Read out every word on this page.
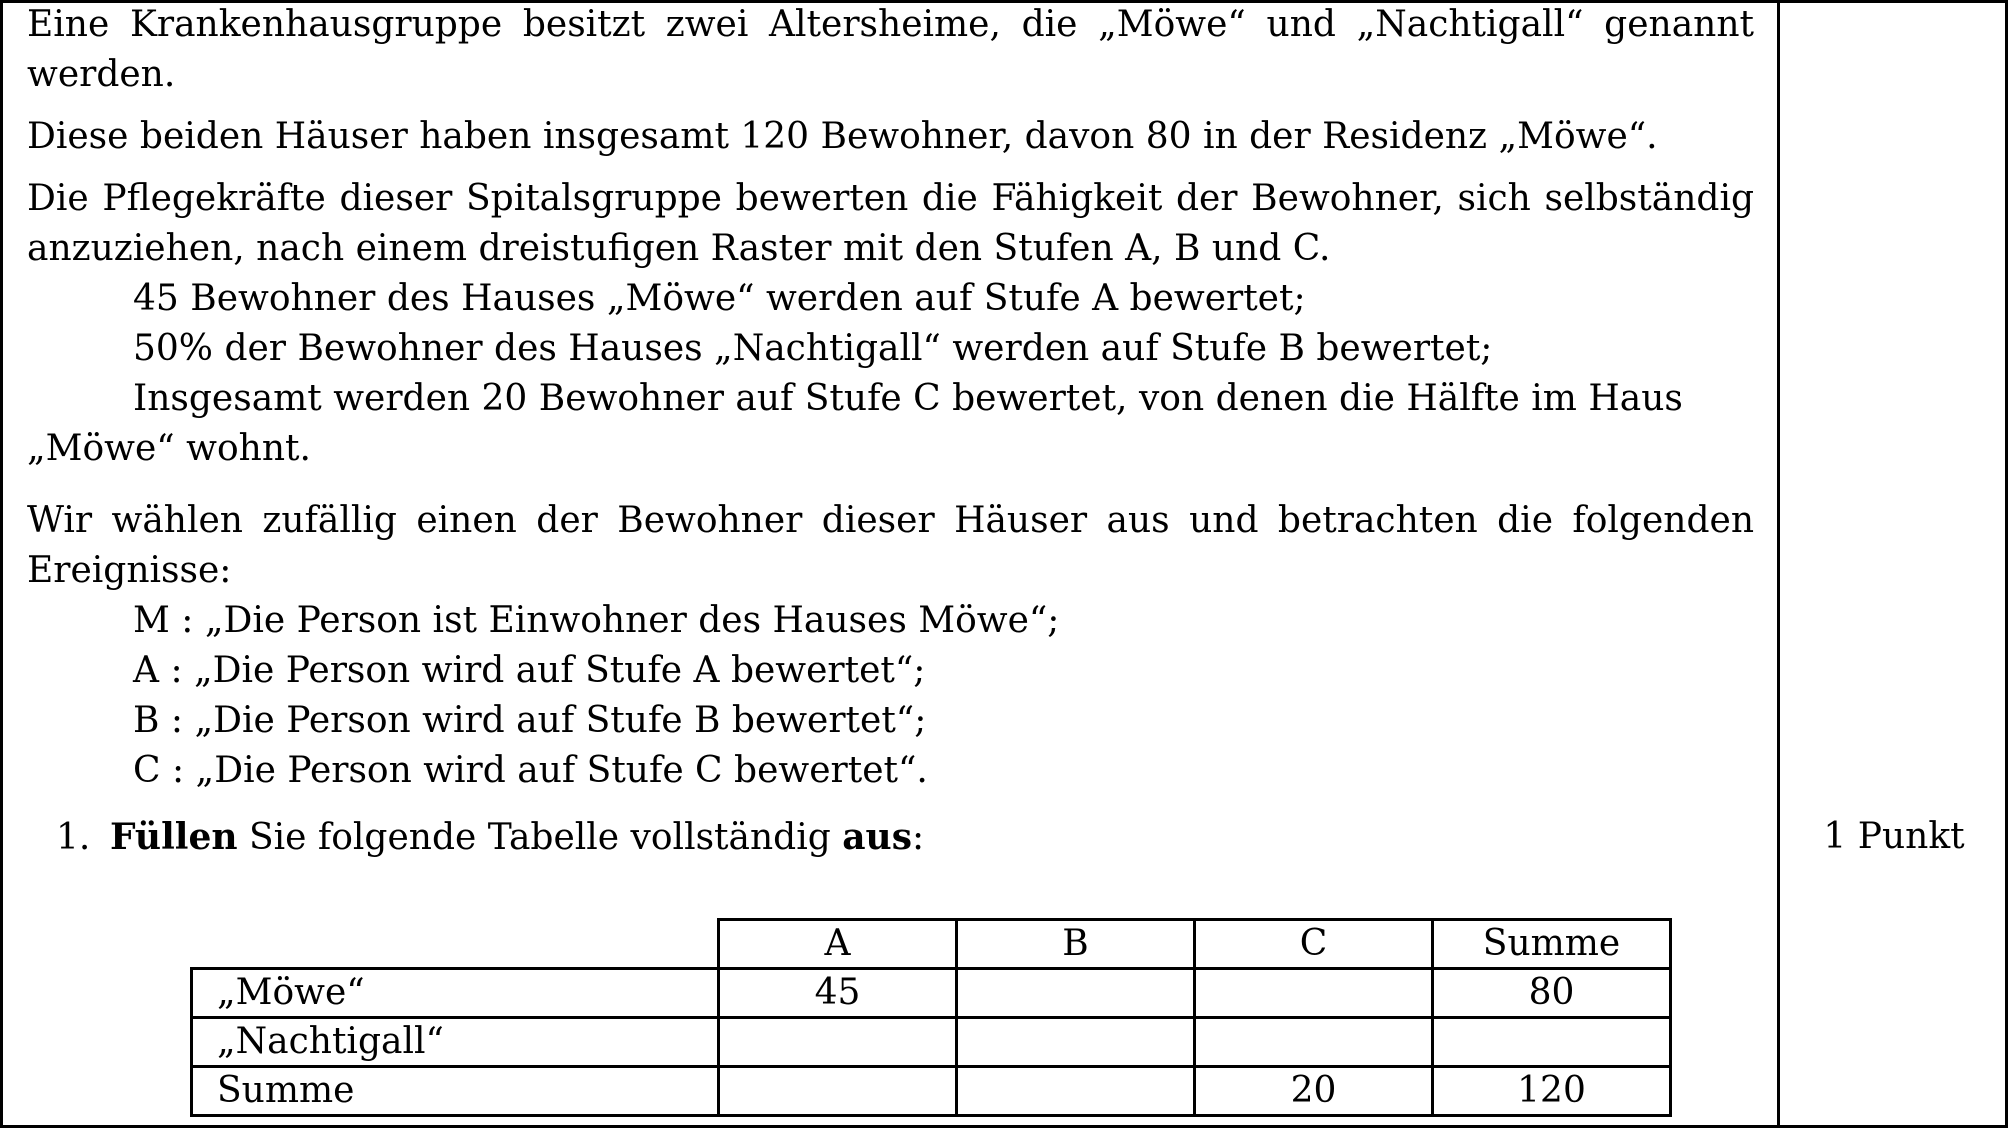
Eine Krankenhausgruppe besitzt zwei Altersheime, die „Möwe“ und „Nachtigall“ genannt werden.

Diese beiden Häuser haben insgesamt 120 Bewohner, davon 80 in der Residenz „Möwe“.

Die Pflegekräfte dieser Spitalsgruppe bewerten die Fähigkeit der Bewohner, sich selbständig anzuziehen, nach einem dreistufigen Raster mit den Stufen A, B und C.

45 Bewohner des Hauses „Möwe“ werden auf Stufe A bewertet;

50% der Bewohner des Hauses „Nachtigall“ werden auf Stufe B bewertet;

Insgesamt werden 20 Bewohner auf Stufe C bewertet, von denen die Hälfte im Haus „Möwe“ wohnt.

Wir wählen zufällig einen der Bewohner dieser Häuser aus und betrachten die folgenden Ereignisse:

M : „Die Person ist Einwohner des Hauses Möwe“;

A : „Die Person wird auf Stufe A bewertet“;

B : „Die Person wird auf Stufe B bewertet“;

C : „Die Person wird auf Stufe C bewertet“.

1. Füllen Sie folgende Tabelle vollständig aus:	1 Punkt
	A	B	C	Summe
„Möwe“	45			80
„Nachtigall“				
Summe			20	120
